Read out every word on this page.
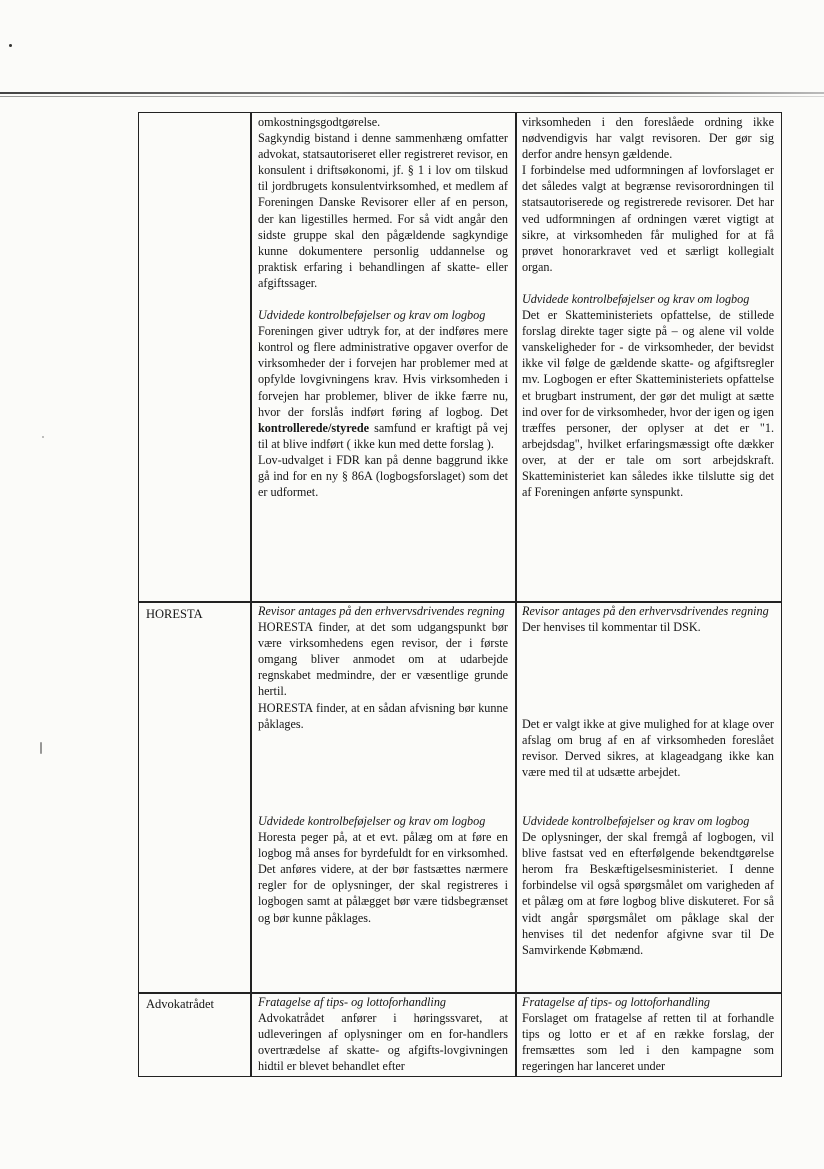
omkostningsgodtgørelse.

Sagkyndig bistand i denne sammenhæng omfatter advokat, statsautoriseret eller registreret revisor, en konsulent i driftsøkonomi, jf. § 1 i lov om tilskud til jordbrugets konsulentvirksomhed, et medlem af Foreningen Danske Revisorer eller af en person, der kan ligestilles hermed. For så vidt angår den sidste gruppe skal den pågældende sagkyndige kunne dokumentere personlig uddannelse og praktisk erfaring i behandlingen af skatte- eller afgiftssager.

Udvidede kontrolbeføjelser og krav om logbog

Foreningen giver udtryk for, at der indføres mere kontrol og flere administrative opgaver overfor de virksomheder der i forvejen har problemer med at opfylde lovgivningens krav. Hvis virksomheden i forvejen har problemer, bliver de ikke færre nu, hvor der forslås indført føring af logbog. Det kontrollerede/styrede samfund er kraftigt på vej til at blive indført ( ikke kun med dette forslag ).

Lov-udvalget i FDR kan på denne baggrund ikke gå ind for en ny § 86A (logbogsforslaget) som det er udformet.

virksomheden i den foreslåede ordning ikke nødvendigvis har valgt revisoren. Der gør sig derfor andre hensyn gældende.

I forbindelse med udformningen af lovforslaget er det således valgt at begrænse revisorordningen til statsautoriserede og registrerede revisorer. Det har ved udformningen af ordningen været vigtigt at sikre, at virksomheden får mulighed for at få prøvet honorarkravet ved et særligt kollegialt organ.

Udvidede kontrolbeføjelser og krav om logbog

Det er Skatteministeriets opfattelse, de stillede forslag direkte tager sigte på – og alene vil volde vanskeligheder for - de virksomheder, der bevidst ikke vil følge de gældende skatte- og afgiftsregler mv. Logbogen er efter Skatteministeriets opfattelse et brugbart instrument, der gør det muligt at sætte ind over for de virksomheder, hvor der igen og igen træffes personer, der oplyser at det er "1. arbejdsdag", hvilket erfaringsmæssigt ofte dækker over, at der er tale om sort arbejdskraft. Skatteministeriet kan således ikke tilslutte sig det af Foreningen anførte synspunkt.

HORESTA	Revisor antages på den erhvervsdrivendes regning

HORESTA finder, at det som udgangspunkt bør være virksomhedens egen revisor, der i første omgang bliver anmodet om at udarbejde regnskabet medmindre, der er væsentlige grunde hertil.

HORESTA finder, at en sådan afvisning bør kunne påklages.

Udvidede kontrolbeføjelser og krav om logbog

Horesta peger på, at et evt. pålæg om at føre en logbog må anses for byrdefuldt for en virksomhed. Det anføres videre, at der bør fastsættes nærmere regler for de oplysninger, der skal registreres i logbogen samt at pålægget bør være tidsbegrænset og bør kunne påklages.

Revisor antages på den erhvervsdrivendes regning

Der henvises til kommentar til DSK.

Det er valgt ikke at give mulighed for at klage over afslag om brug af en af virksomheden foreslået revisor. Derved sikres, at klageadgang ikke kan være med til at udsætte arbejdet.

Udvidede kontrolbeføjelser og krav om logbog

De oplysninger, der skal fremgå af logbogen, vil blive fastsat ved en efterfølgende bekendtgørelse herom fra Beskæftigelsesministeriet. I denne forbindelse vil også spørgsmålet om varigheden af et pålæg om at føre logbog blive diskuteret. For så vidt angår spørgsmålet om påklage skal der henvises til det nedenfor afgivne svar til De Samvirkende Købmænd.

Advokatrådet	Fratagelse af tips- og lottoforhandling

Advokatrådet anfører i høringssvaret, at udleveringen af oplysninger om en for-handlers overtrædelse af skatte- og afgifts-lovgivningen hidtil er blevet behandlet efter

Fratagelse af tips- og lottoforhandling

Forslaget om fratagelse af retten til at forhandle tips og lotto er et af en række forslag, der fremsættes som led i den kampagne som regeringen har lanceret under
